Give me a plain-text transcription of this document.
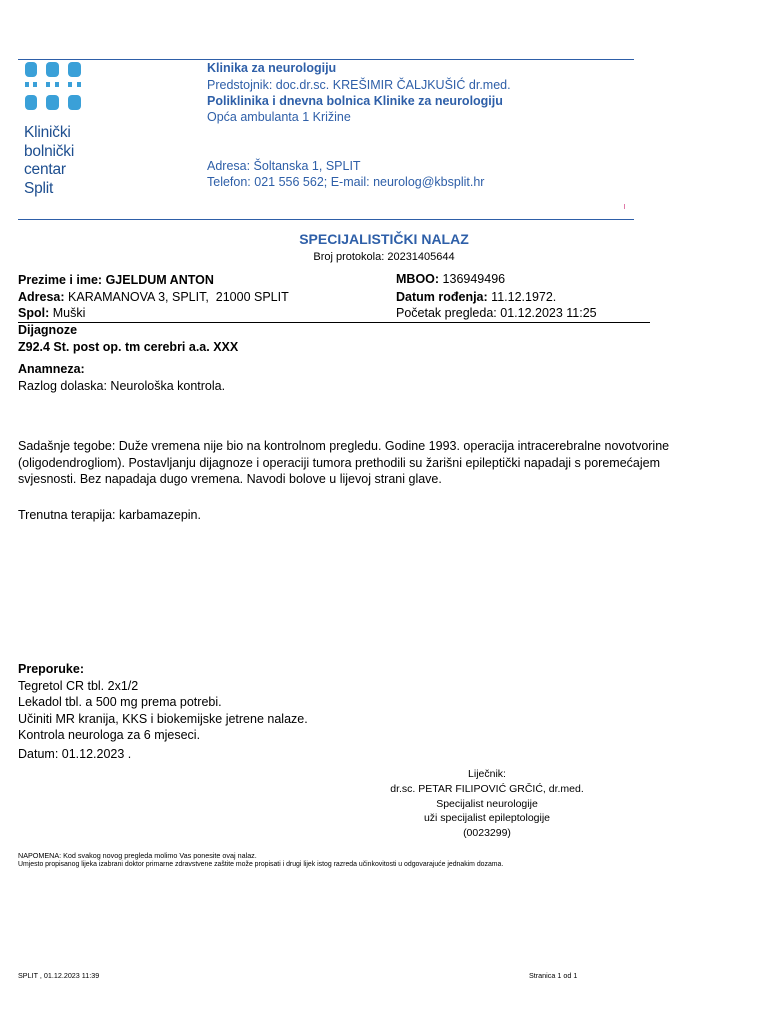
Klinički
bolnički
centar
Split
Klinika za neurologiju
Predstojnik: doc.dr.sc. KREŠIMIR ČALJKUŠIĆ dr.med.
Poliklinika i dnevna bolnica Klinike za neurologiju
Opća ambulanta 1 Križine
Adresa: Šoltanska 1, SPLIT
Telefon: 021 556 562; E-mail: neurolog@kbsplit.hr
SPECIJALISTIČKI NALAZ
Broj protokola: 20231405644
Prezime i ime: GJELDUM ANTON
Adresa: KARAMANOVA 3, SPLIT,  21000 SPLIT
Spol: Muški
MBOO: 136949496
Datum rođenja: 11.12.1972.
Početak pregleda: 01.12.2023 11:25
Dijagnoze
Z92.4 St. post op. tm cerebri a.a. XXX
Anamneza:
Razlog dolaska: Neurološka kontrola.
Sadašnje tegobe: Duže vremena nije bio na kontrolnom pregledu. Godine 1993. operacija intracerebralne novotvorine (oligodendrogliom). Postavljanju dijagnoze i operaciji tumora prethodili su žarišni epileptički napadaji s poremećajem svjesnosti. Bez napadaja dugo vremena. Navodi bolove u lijevoj strani glave.
Trenutna terapija: karbamazepin.
Preporuke:
Tegretol CR tbl. 2x1/2
Lekadol tbl. a 500 mg prema potrebi.
Učiniti MR kranija, KKS i biokemijske jetrene nalaze.
Kontrola neurologa za 6 mjeseci.
Datum: 01.12.2023 .
Liječnik:
dr.sc. PETAR FILIPOVIĆ GRČIĆ, dr.med.
Specijalist neurologije
uži specijalist epileptologije
(0023299)
NAPOMENA: Kod svakog novog pregleda molimo Vas ponesite ovaj nalaz.
Umjesto propisanog lijeka izabrani doktor primarne zdravstvene zaštite može propisati i drugi lijek istog razreda učinkovitosti u odgovarajuće jednakim dozama.
SPLIT , 01.12.2023 11:39	Stranica 1 od 1
